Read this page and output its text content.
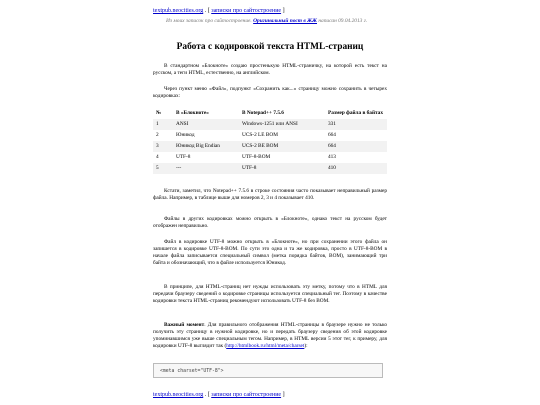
textpub.neocities.org . [ записки про сайтостроение ]
Из моих записок про сайтостроение. Оригинальный пост в ЖЖ написан 09.04.2013 г.
Работа с кодировкой текста HTML-страниц

В стандартном «Блокноте» создаю простенькую HTML-страничку, на которой есть текст на русском, а теги HTML, естественно, на английском.

Через пункт меню «Файл», подпункт «Сохранить как...» страницу можно сохранить в четырех кодировках:

№	В «Блокноте»	В Notepad++ 7.5.6	Размер файла в байтах
1	ANSI	Windows-1251 или ANSI	331
2	Юникод	UCS-2 LE BOM	664
3	Юникод Big Endian	UCS-2 BE BOM	664
4	UTF-8	UTF-8-BOM	413
5	---	UTF-8	410

Кстати, заметил, что Notepad++ 7.5.6 в строке состояния часто показывает неправильный размер файла. Например, в таблице выше для номеров 2, 3 и 4 показывает 410.

Файлы в других кодировках можно открыть в «Блокноте», однако текст на русском будет отображен неправильно.

Файл в кодировке UTF-8 можно открыть в «Блокноте», но при сохранении этого файла он запишется в кодировке UTF-8-BOM. По сути это одна и та же кодировка, просто в UTF-8-BOM в начале файла записывается специальный символ (метка порядка байтов, BOM), занимающий три байта и обозначающий, что в файле используется Юникод.

В принципе, для HTML-страниц нет нужды использовать эту метку, потому что в HTML для передачи браузеру сведений о кодировке страницы используется специальный тег. Поэтому в качестве кодировки текста HTML-страниц рекомендуют использовать UTF-8 без BOM.

Важный момент. Для правильного отображения HTML-страницы в браузере нужно не только получить эту страницу в нужной кодировке, но и передать браузеру сведения об этой кодировке упоминавшимся уже выше специальным тегом. Например, в HTML версии 5 этот тег, к примеру, для кодировки UTF-8 выглядит так (http://htmlbook.ru/html/meta/charset):

<meta charset="UTF-8">
textpub.neocities.org . [ записки про сайтостроение ]
